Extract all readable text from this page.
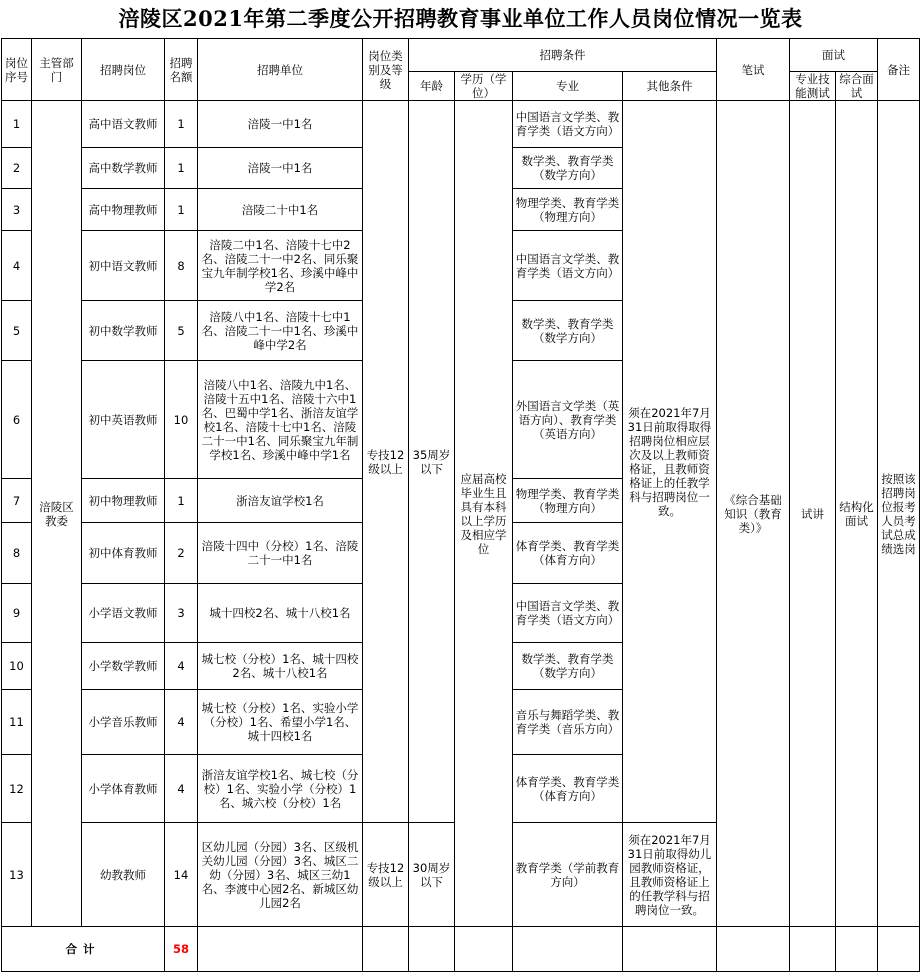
涪陵区2021年第二季度公开招聘教育事业单位工作人员岗位情况一览表
岗位序号	主管部门	招聘岗位	招聘名额	招聘单位	岗位类别及等级	招聘条件				笔试	面试		备注
						年龄	学历（学位）	专业	其他条件		专业技能测试	综合面试	
1	涪陵区教委	高中语文教师	1	涪陵一中1名	专技12级以上	35周岁以下	应届高校毕业生且具有本科以上学历及相应学位	中国语言文学类、教育学类（语文方向）	须在2021年7月31日前取得取得招聘岗位相应层次及以上教师资格证，且教师资格证上的任教学科与招聘岗位一致。	《综合基础知识（教育类）》	试讲	结构化面试	按照该招聘岗位报考人员考试总成绩选岗
2		高中数学教师	1	涪陵一中1名				数学类、教育学类（数学方向）					
3		高中物理教师	1	涪陵二十中1名				物理学类、教育学类（物理方向）					
4		初中语文教师	8	涪陵二中1名、涪陵十七中2名、涪陵二十一中2名、同乐聚宝九年制学校1名、珍溪中峰中学2名				中国语言文学类、教育学类（语文方向）					
5		初中数学教师	5	涪陵八中1名、涪陵十七中1名、涪陵二十一中1名、珍溪中峰中学2名				数学类、教育学类（数学方向）					
6		初中英语教师	10	涪陵八中1名、涪陵九中1名、涪陵十五中1名、涪陵十六中1名、巴蜀中学1名、浙涪友谊学校1名、涪陵十七中1名、涪陵二十一中1名、同乐聚宝九年制学校1名、珍溪中峰中学1名				外国语言文学类（英语方向）、教育学类（英语方向）					
7		初中物理教师	1	浙涪友谊学校1名				物理学类、教育学类（物理方向）					
8		初中体育教师	2	涪陵十四中（分校）1名、涪陵二十一中1名				体育学类、教育学类（体育方向）					
9		小学语文教师	3	城十四校2名、城十八校1名				中国语言文学类、教育学类（语文方向）					
10		小学数学教师	4	城七校（分校）1名、城十四校2名、城十八校1名				数学类、教育学类（数学方向）					
11		小学音乐教师	4	城七校（分校）1名、实验小学（分校）1名、希望小学1名、城十四校1名				音乐与舞蹈学类、教育学类（音乐方向）					
12		小学体育教师	4	浙涪友谊学校1名、城七校（分校）1名、实验小学（分校）1名、城六校（分校）1名				体育学类、教育学类（体育方向）					
13		幼教教师	14	区幼儿园（分园）3名、区级机关幼儿园（分园）3名、城区二幼（分园）3名、城区三幼1名、李渡中心园2名、新城区幼儿园2名	专技12级以上	30周岁以下		教育学类（学前教育方向）	须在2021年7月31日前取得幼儿园教师资格证，且教师资格证上的任教学科与招聘岗位一致。				
合计			58										
